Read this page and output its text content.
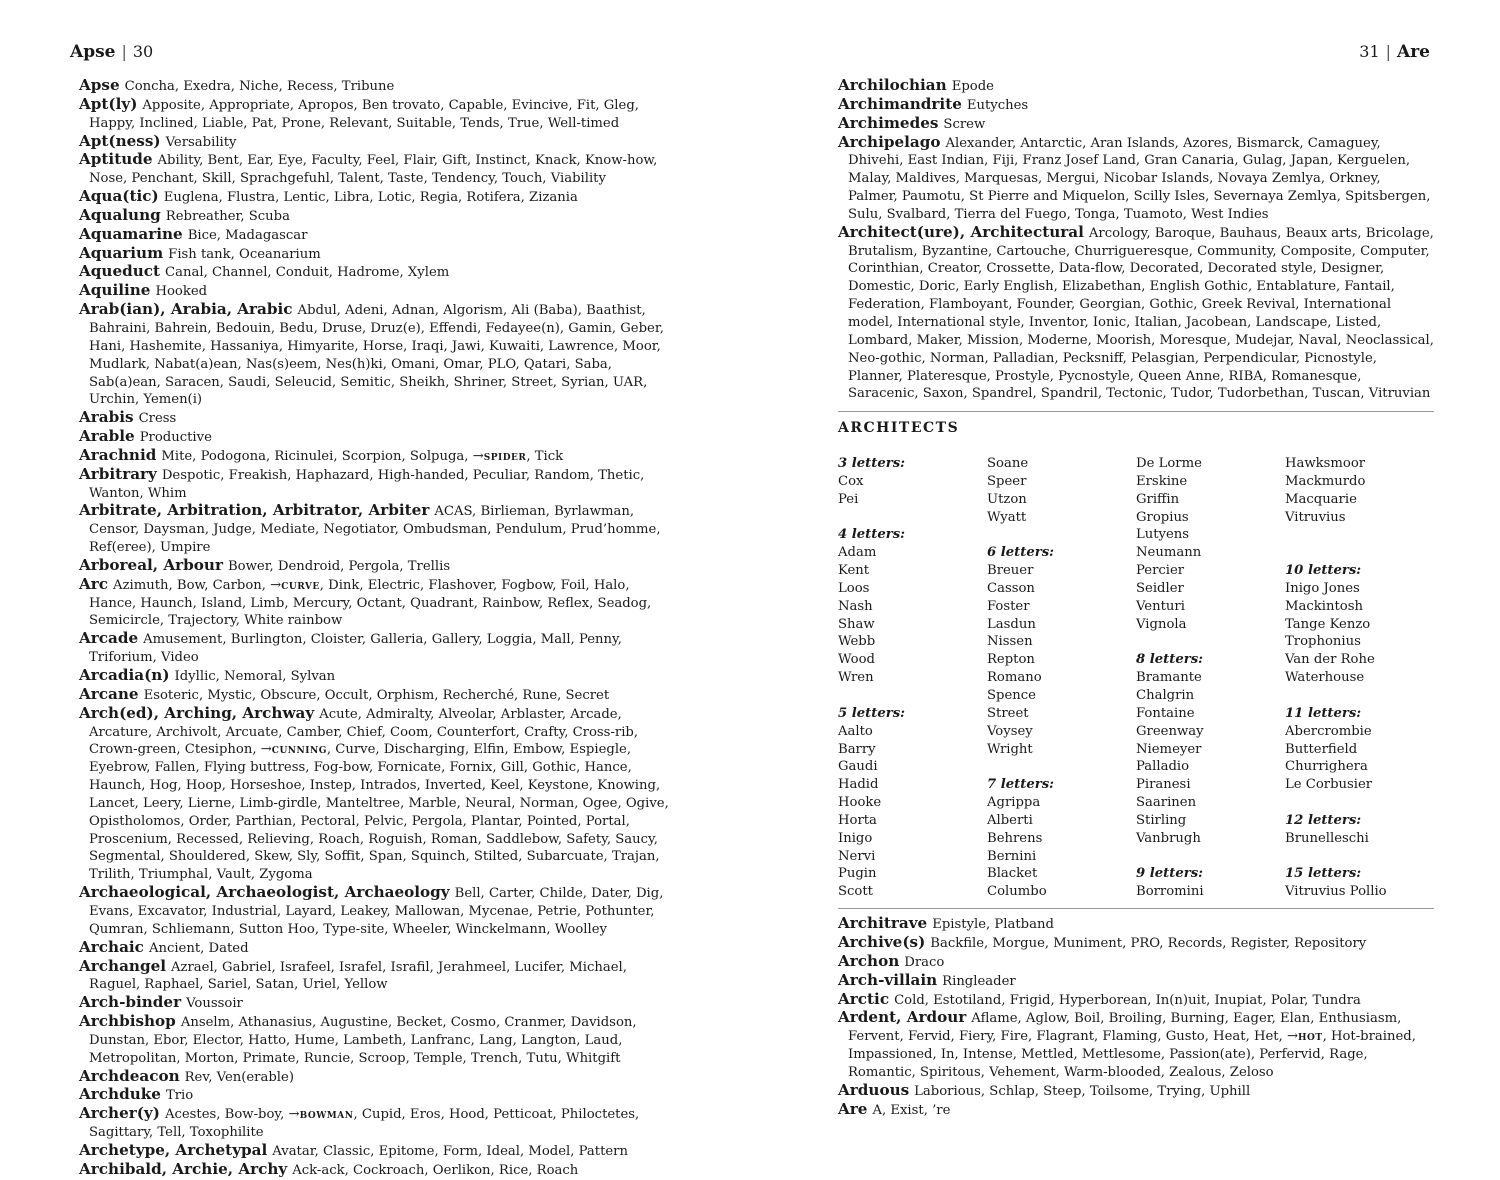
Apse | 30
Apse Concha, Exedra, Niche, Recess, Tribune
Apt(ly) Apposite, Appropriate, Apropos, Ben trovato, Capable, Evincive, Fit, Gleg, Happy, Inclined, Liable, Pat, Prone, Relevant, Suitable, Tends, True, Well-timed
Apt(ness) Versability
Aptitude Ability, Bent, Ear, Eye, Faculty, Feel, Flair, Gift, Instinct, Knack, Know-how, Nose, Penchant, Skill, Sprachgefuhl, Talent, Taste, Tendency, Touch, Viability
Aqua(tic) Euglena, Flustra, Lentic, Libra, Lotic, Regia, Rotifera, Zizania
Aqualung Rebreather, Scuba
Aquamarine Bice, Madagascar
Aquarium Fish tank, Oceanarium
Aqueduct Canal, Channel, Conduit, Hadrome, Xylem
Aquiline Hooked
Arab(ian), Arabia, Arabic Abdul, Adeni, Adnan, Algorism, Ali (Baba), Baathist, Bahraini, Bahrein, Bedouin, Bedu, Druse, Druz(e), Effendi, Fedayee(n), Gamin, Geber, Hani, Hashemite, Hassaniya, Himyarite, Horse, Iraqi, Jawi, Kuwaiti, Lawrence, Moor, Mudlark, Nabat(a)ean, Nas(s)eem, Nes(h)ki, Omani, Omar, PLO, Qatari, Saba, Sab(a)ean, Saracen, Saudi, Seleucid, Semitic, Sheikh, Shriner, Street, Syrian, UAR, Urchin, Yemen(i)
Arabis Cress
Arable Productive
Arachnid Mite, Podogona, Ricinulei, Scorpion, Solpuga, →spider, Tick
Arbitrary Despotic, Freakish, Haphazard, High-handed, Peculiar, Random, Thetic, Wanton, Whim
Arbitrate, Arbitration, Arbitrator, Arbiter ACAS, Birlieman, Byrlawman, Censor, Daysman, Judge, Mediate, Negotiator, Ombudsman, Pendulum, Prud’homme, Ref(eree), Umpire
Arboreal, Arbour Bower, Dendroid, Pergola, Trellis
Arc Azimuth, Bow, Carbon, →curve, Dink, Electric, Flashover, Fogbow, Foil, Halo, Hance, Haunch, Island, Limb, Mercury, Octant, Quadrant, Rainbow, Reflex, Seadog, Semicircle, Trajectory, White rainbow
Arcade Amusement, Burlington, Cloister, Galleria, Gallery, Loggia, Mall, Penny, Triforium, Video
Arcadia(n) Idyllic, Nemoral, Sylvan
Arcane Esoteric, Mystic, Obscure, Occult, Orphism, Recherché, Rune, Secret
Arch(ed), Arching, Archway Acute, Admiralty, Alveolar, Arblaster, Arcade, Arcature, Archivolt, Arcuate, Camber, Chief, Coom, Counterfort, Crafty, Cross-rib, Crown-green, Ctesiphon, →cunning, Curve, Discharging, Elfin, Embow, Espiegle, Eyebrow, Fallen, Flying buttress, Fog-bow, Fornicate, Fornix, Gill, Gothic, Hance, Haunch, Hog, Hoop, Horseshoe, Instep, Intrados, Inverted, Keel, Keystone, Knowing, Lancet, Leery, Lierne, Limb-girdle, Manteltree, Marble, Neural, Norman, Ogee, Ogive, Opistholomos, Order, Parthian, Pectoral, Pelvic, Pergola, Plantar, Pointed, Portal, Proscenium, Recessed, Relieving, Roach, Roguish, Roman, Saddlebow, Safety, Saucy, Segmental, Shouldered, Skew, Sly, Soffit, Span, Squinch, Stilted, Subarcuate, Trajan, Trilith, Triumphal, Vault, Zygoma
Archaeological, Archaeologist, Archaeology Bell, Carter, Childe, Dater, Dig, Evans, Excavator, Industrial, Layard, Leakey, Mallowan, Mycenae, Petrie, Pothunter, Qumran, Schliemann, Sutton Hoo, Type-site, Wheeler, Winckelmann, Woolley
Archaic Ancient, Dated
Archangel Azrael, Gabriel, Israfeel, Israfel, Israfil, Jerahmeel, Lucifer, Michael, Raguel, Raphael, Sariel, Satan, Uriel, Yellow
Arch-binder Voussoir
Archbishop Anselm, Athanasius, Augustine, Becket, Cosmo, Cranmer, Davidson, Dunstan, Ebor, Elector, Hatto, Hume, Lambeth, Lanfranc, Lang, Langton, Laud, Metropolitan, Morton, Primate, Runcie, Scroop, Temple, Trench, Tutu, Whitgift
Archdeacon Rev, Ven(erable)
Archduke Trio
Archer(y) Acestes, Bow-boy, →bowman, Cupid, Eros, Hood, Petticoat, Philoctetes, Sagittary, Tell, Toxophilite
Archetype, Archetypal Avatar, Classic, Epitome, Form, Ideal, Model, Pattern
Archibald, Archie, Archy Ack-ack, Cockroach, Oerlikon, Rice, Roach
31 | Are
Archilochian Epode
Archimandrite Eutyches
Archimedes Screw
Archipelago Alexander, Antarctic, Aran Islands, Azores, Bismarck, Camaguey, Dhivehi, East Indian, Fiji, Franz Josef Land, Gran Canaria, Gulag, Japan, Kerguelen, Malay, Maldives, Marquesas, Mergui, Nicobar Islands, Novaya Zemlya, Orkney, Palmer, Paumotu, St Pierre and Miquelon, Scilly Isles, Severnaya Zemlya, Spitsbergen, Sulu, Svalbard, Tierra del Fuego, Tonga, Tuamoto, West Indies
Architect(ure), Architectural Arcology, Baroque, Bauhaus, Beaux arts, Bricolage, Brutalism, Byzantine, Cartouche, Churrigueresque, Community, Composite, Computer, Corinthian, Creator, Crossette, Data-flow, Decorated, Decorated style, Designer, Domestic, Doric, Early English, Elizabethan, English Gothic, Entablature, Fantail, Federation, Flamboyant, Founder, Georgian, Gothic, Greek Revival, International model, International style, Inventor, Ionic, Italian, Jacobean, Landscape, Listed, Lombard, Maker, Mission, Moderne, Moorish, Moresque, Mudejar, Naval, Neoclassical, Neo-gothic, Norman, Palladian, Pecksniff, Pelasgian, Perpendicular, Picnostyle, Planner, Plateresque, Prostyle, Pycnostyle, Queen Anne, RIBA, Romanesque, Saracenic, Saxon, Spandrel, Spandril, Tectonic, Tudor, Tudorbethan, Tuscan, Vitruvian
ARCHITECTS
3 letters:
Cox
Pei
4 letters:
Adam
Kent
Loos
Nash
Shaw
Webb
Wood
Wren
5 letters:
Aalto
Barry
Gaudi
Hadid
Hooke
Horta
Inigo
Nervi
Pugin
Scott
Soane
Speer
Utzon
Wyatt
6 letters:
Breuer
Casson
Foster
Lasdun
Nissen
Repton
Romano
Spence
Street
Voysey
Wright
7 letters:
Agrippa
Alberti
Behrens
Bernini
Blacket
Columbo
De Lorme
Erskine
Griffin
Gropius
Lutyens
Neumann
Percier
Seidler
Venturi
Vignola
8 letters:
Bramante
Chalgrin
Fontaine
Greenway
Niemeyer
Palladio
Piranesi
Saarinen
Stirling
Vanbrugh
9 letters:
Borromini
Hawksmoor
Mackmurdo
Macquarie
Vitruvius
10 letters:
Inigo Jones
Mackintosh
Tange Kenzo
Trophonius
Van der Rohe
Waterhouse
11 letters:
Abercrombie
Butterfield
Churrighera
Le Corbusier
12 letters:
Brunelleschi
15 letters:
Vitruvius Pollio
Architrave Epistyle, Platband
Archive(s) Backfile, Morgue, Muniment, PRO, Records, Register, Repository
Archon Draco
Arch-villain Ringleader
Arctic Cold, Estotiland, Frigid, Hyperborean, In(n)uit, Inupiat, Polar, Tundra
Ardent, Ardour Aflame, Aglow, Boil, Broiling, Burning, Eager, Elan, Enthusiasm, Fervent, Fervid, Fiery, Fire, Flagrant, Flaming, Gusto, Heat, Het, →hot, Hot-brained, Impassioned, In, Intense, Mettled, Mettlesome, Passion(ate), Perfervid, Rage, Romantic, Spiritous, Vehement, Warm-blooded, Zealous, Zeloso
Arduous Laborious, Schlap, Steep, Toilsome, Trying, Uphill
Are A, Exist, ’re
